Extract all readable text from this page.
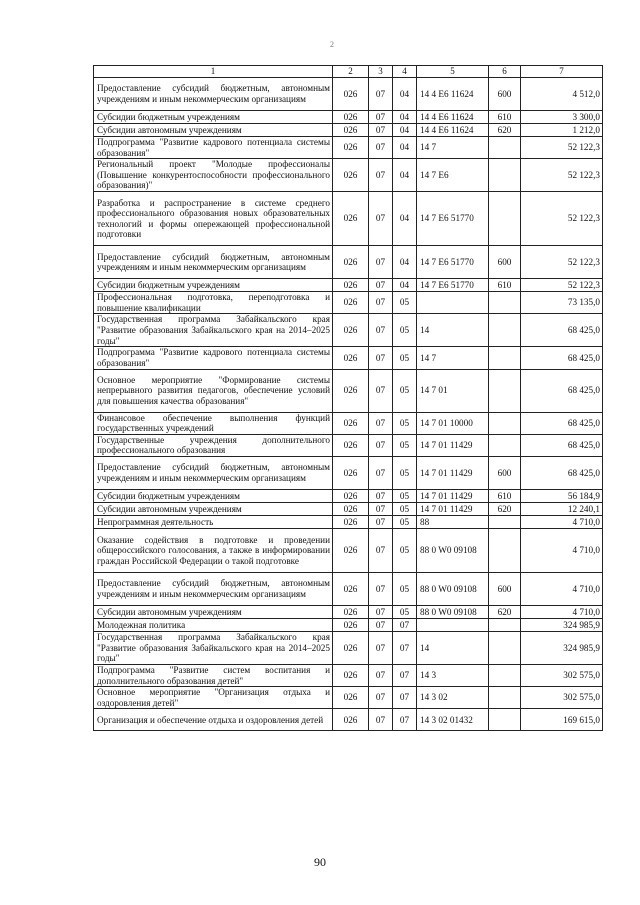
2
1	2	3	4	5	6	7
Предоставление субсидий бюджетным, автономным учреждениям и иным некоммерческим организациям	026	07	04	14 4 Е6 11624	600	4 512,0
Субсидии бюджетным учреждениям	026	07	04	14 4 Е6 11624	610	3 300,0
Субсидии автономным учреждениям	026	07	04	14 4 Е6 11624	620	1 212,0
Подпрограмма "Развитие кадрового потенциала системы образования"	026	07	04	14 7		52 122,3
Региональный проект "Молодые профессионалы (Повышение конкурентоспособности профессионального образования)"	026	07	04	14 7 Е6		52 122,3
Разработка и распространение в системе среднего профессионального образования новых образовательных технологий и формы опережающей профессиональной подготовки	026	07	04	14 7 Е6 51770		52 122,3
Предоставление субсидий бюджетным, автономным учреждениям и иным некоммерческим организациям	026	07	04	14 7 Е6 51770	600	52 122,3
Субсидии бюджетным учреждениям	026	07	04	14 7 Е6 51770	610	52 122,3
Профессиональная подготовка, переподготовка и повышение квалификации	026	07	05			73 135,0
Государственная программа Забайкальского края "Развитие образования Забайкальского края на 2014–2025 годы"	026	07	05	14		68 425,0
Подпрограмма "Развитие кадрового потенциала системы образования"	026	07	05	14 7		68 425,0
Основное мероприятие "Формирование системы непрерывного развития педагогов, обеспечение условий для повышения качества образования"	026	07	05	14 7 01		68 425,0
Финансовое обеспечение выполнения функций государственных учреждений	026	07	05	14 7 01 10000		68 425,0
Государственные учреждения дополнительного профессионального образования	026	07	05	14 7 01 11429		68 425,0
Предоставление субсидий бюджетным, автономным учреждениям и иным некоммерческим организациям	026	07	05	14 7 01 11429	600	68 425,0
Субсидии бюджетным учреждениям	026	07	05	14 7 01 11429	610	56 184,9
Субсидии автономным учреждениям	026	07	05	14 7 01 11429	620	12 240,1
Непрограммная деятельность	026	07	05	88		4 710,0
Оказание содействия в подготовке и проведении общероссийского голосования, а также в информировании граждан Российской Федерации о такой подготовке	026	07	05	88 0 W0 09108		4 710,0
Предоставление субсидий бюджетным, автономным учреждениям и иным некоммерческим организациям	026	07	05	88 0 W0 09108	600	4 710,0
Субсидии автономным учреждениям	026	07	05	88 0 W0 09108	620	4 710,0
Молодежная политика	026	07	07			324 985,9
Государственная программа Забайкальского края "Развитие образования Забайкальского края на 2014–2025 годы"	026	07	07	14		324 985,9
Подпрограмма "Развитие систем воспитания и дополнительного образования детей"	026	07	07	14 3		302 575,0
Основное мероприятие "Организация отдыха и оздоровления детей"	026	07	07	14 3 02		302 575,0
Организация и обеспечение отдыха и оздоровления детей	026	07	07	14 3 02 01432		169 615,0
90
